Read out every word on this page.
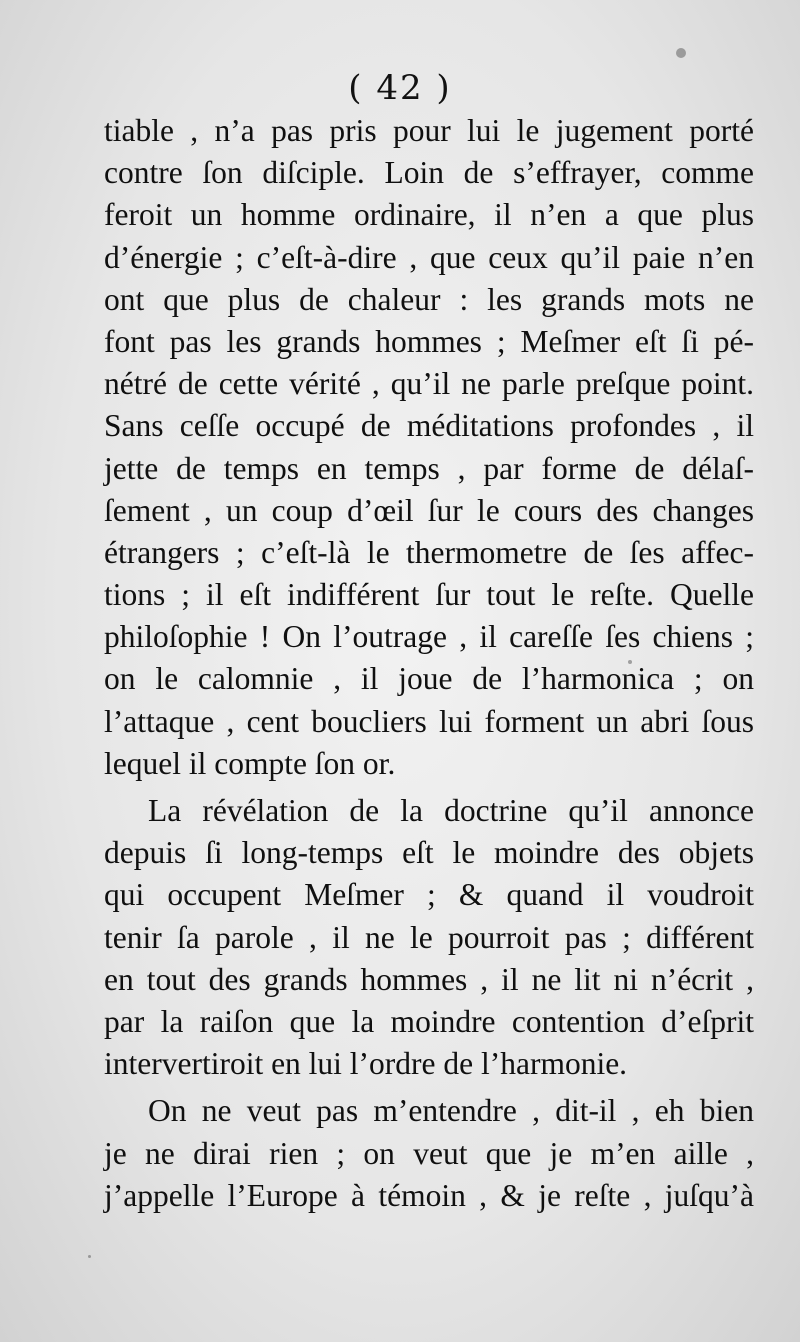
( 42 )
tiable , n’a pas pris pour lui le jugement porté
contre ſon diſciple. Loin de s’effrayer, comme
feroit un homme ordinaire, il n’en a que plus
d’énergie ; c’eſt-à-dire , que ceux qu’il paie n’en
ont que plus de chaleur : les grands mots ne
font pas les grands hommes ; Meſmer eſt ſi pé-
nétré de cette vérité , qu’il ne parle preſque point.
Sans ceſſe occupé de méditations profondes , il
jette de temps en temps , par forme de délaſ-
ſement , un coup d’œil ſur le cours des changes
étrangers ; c’eſt-là le thermometre de ſes affec-
tions ; il eſt indifférent ſur tout le reſte. Quelle
philoſophie ! On l’outrage , il careſſe ſes chiens ;
on le calomnie , il joue de l’harmonica ; on
l’attaque , cent boucliers lui forment un abri ſous
lequel il compte ſon or.
La révélation de la doctrine qu’il annonce
depuis ſi long-temps eſt le moindre des objets
qui occupent Meſmer ; & quand il voudroit
tenir ſa parole , il ne le pourroit pas ; différent
en tout des grands hommes , il ne lit ni n’écrit ,
par la raiſon que la moindre contention d’eſprit
intervertiroit en lui l’ordre de l’harmonie.
On ne veut pas m’entendre , dit-il , eh bien
je ne dirai rien ; on veut que je m’en aille ,
j’appelle l’Europe à témoin , & je reſte , juſqu’à
